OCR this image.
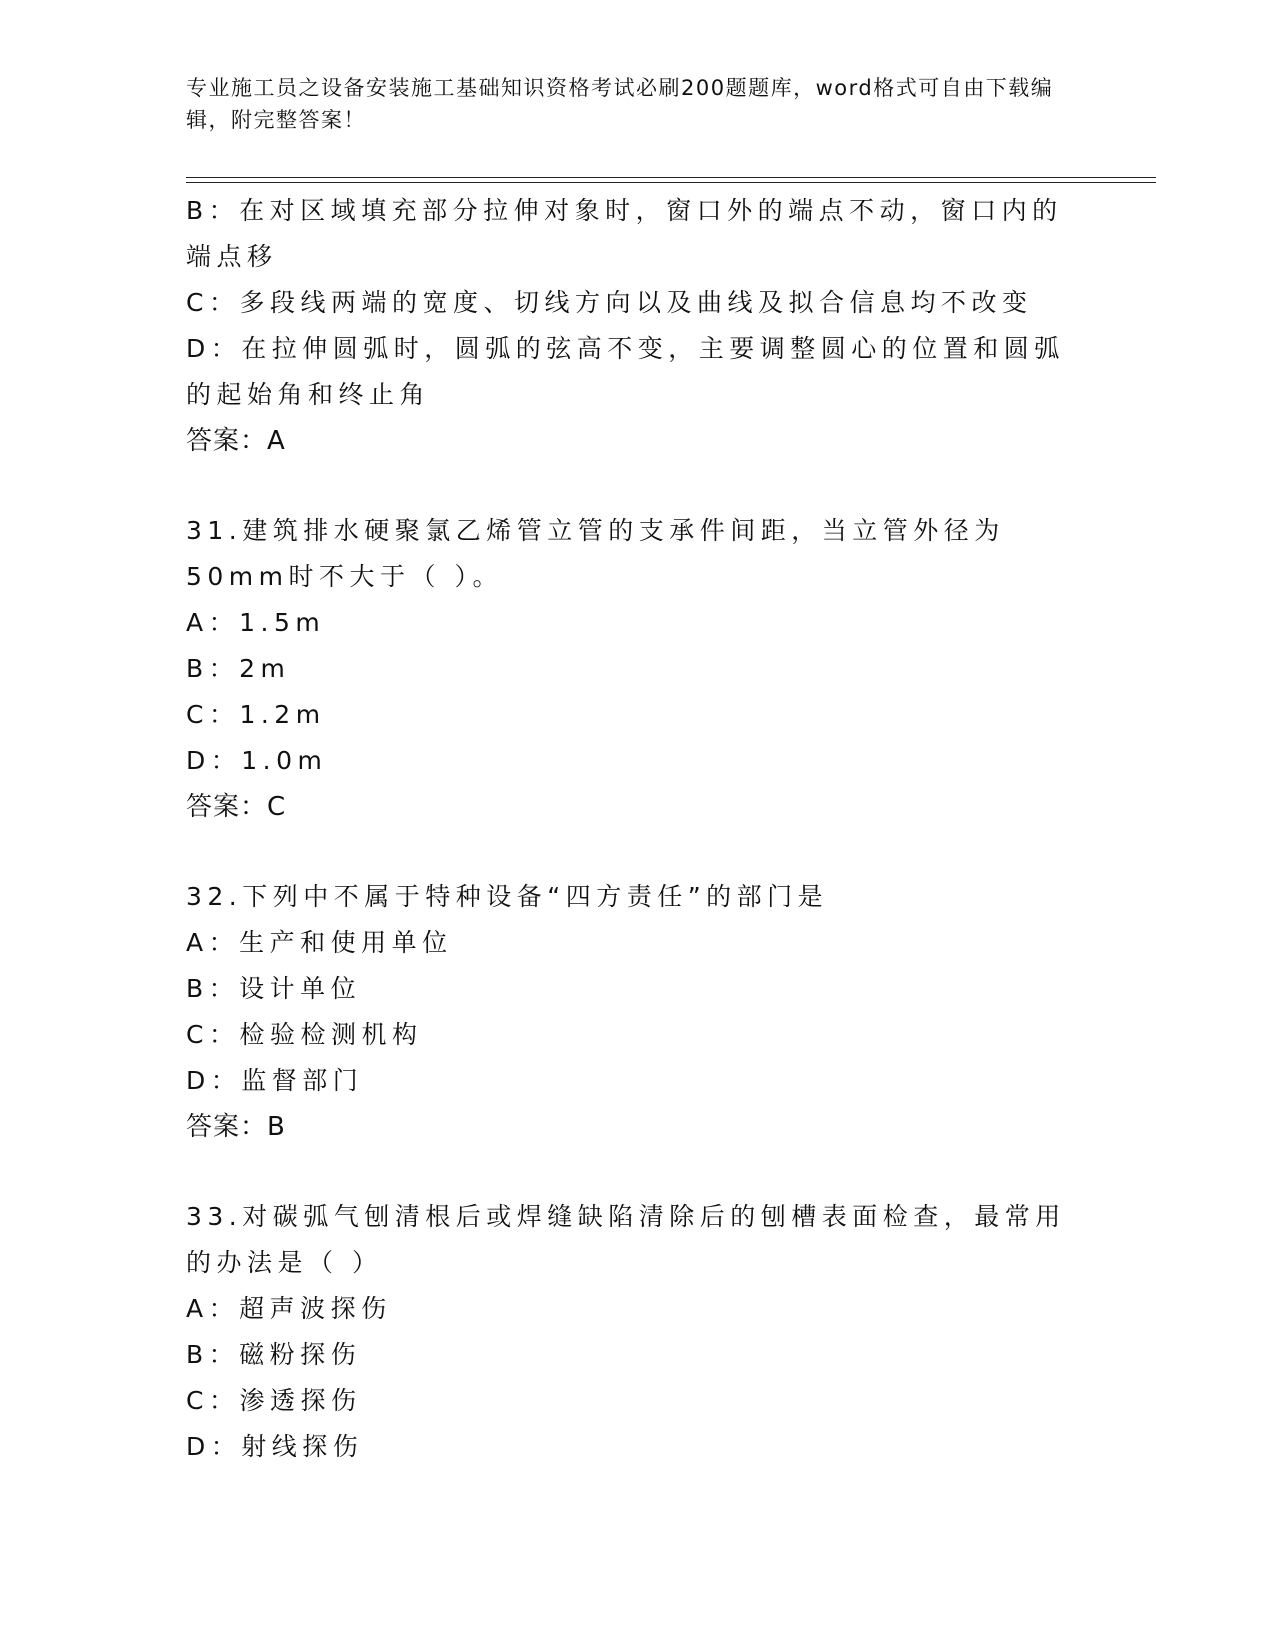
专业施工员之设备安装施工基础知识资格考试必刷200题题库，word格式可自由下载编辑，附完整答案！
B：在对区域填充部分拉伸对象时，窗口外的端点不动，窗口内的端点移
C：多段线两端的宽度、切线方向以及曲线及拟合信息均不改变
D：在拉伸圆弧时，圆弧的弦高不变，主要调整圆心的位置和圆弧的起始角和终止角
答案：A
31.建筑排水硬聚氯乙烯管立管的支承件间距，当立管外径为50mm时不大于（ ）。
A：1.5m
B：2m
C：1.2m
D：1.0m
答案：C
32.下列中不属于特种设备“四方责任”的部门是
A：生产和使用单位
B：设计单位
C：检验检测机构
D：监督部门
答案：B
33.对碳弧气刨清根后或焊缝缺陷清除后的刨槽表面检查，最常用的办法是（ ）
A：超声波探伤
B：磁粉探伤
C：渗透探伤
D：射线探伤
